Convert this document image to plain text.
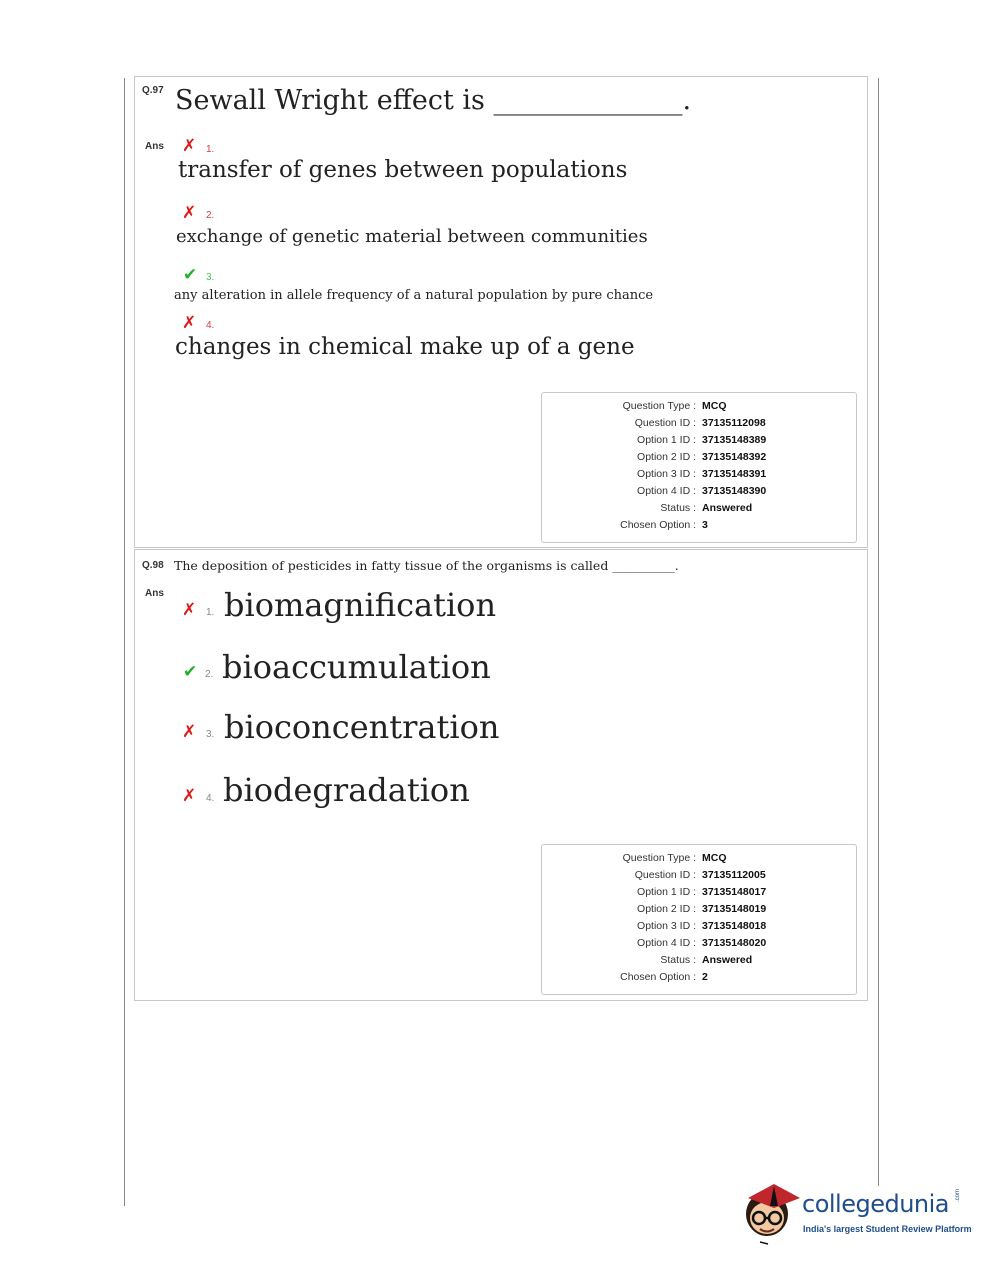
Q.97 Sewall Wright effect is ______________.
Ans ✗ 1.
transfer of genes between populations
✗ 2.
exchange of genetic material between communities
✔ 3.
any alteration in allele frequency of a natural population by pure chance
✗ 4.
changes in chemical make up of a gene
Question Type : MCQ
Question ID : 37135112098
Option 1 ID : 37135148389
Option 2 ID : 37135148392
Option 3 ID : 37135148391
Option 4 ID : 37135148390
Status : Answered
Chosen Option : 3
Q.98 The deposition of pesticides in fatty tissue of the organisms is called __________.
Ans
✗ 1. biomagnification
✔ 2. bioaccumulation
✗ 3. bioconcentration
✗ 4. biodegradation
Question Type : MCQ
Question ID : 37135112005
Option 1 ID : 37135148017
Option 2 ID : 37135148019
Option 3 ID : 37135148018
Option 4 ID : 37135148020
Status : Answered
Chosen Option : 2
collegedunia .com
India's largest Student Review Platform
